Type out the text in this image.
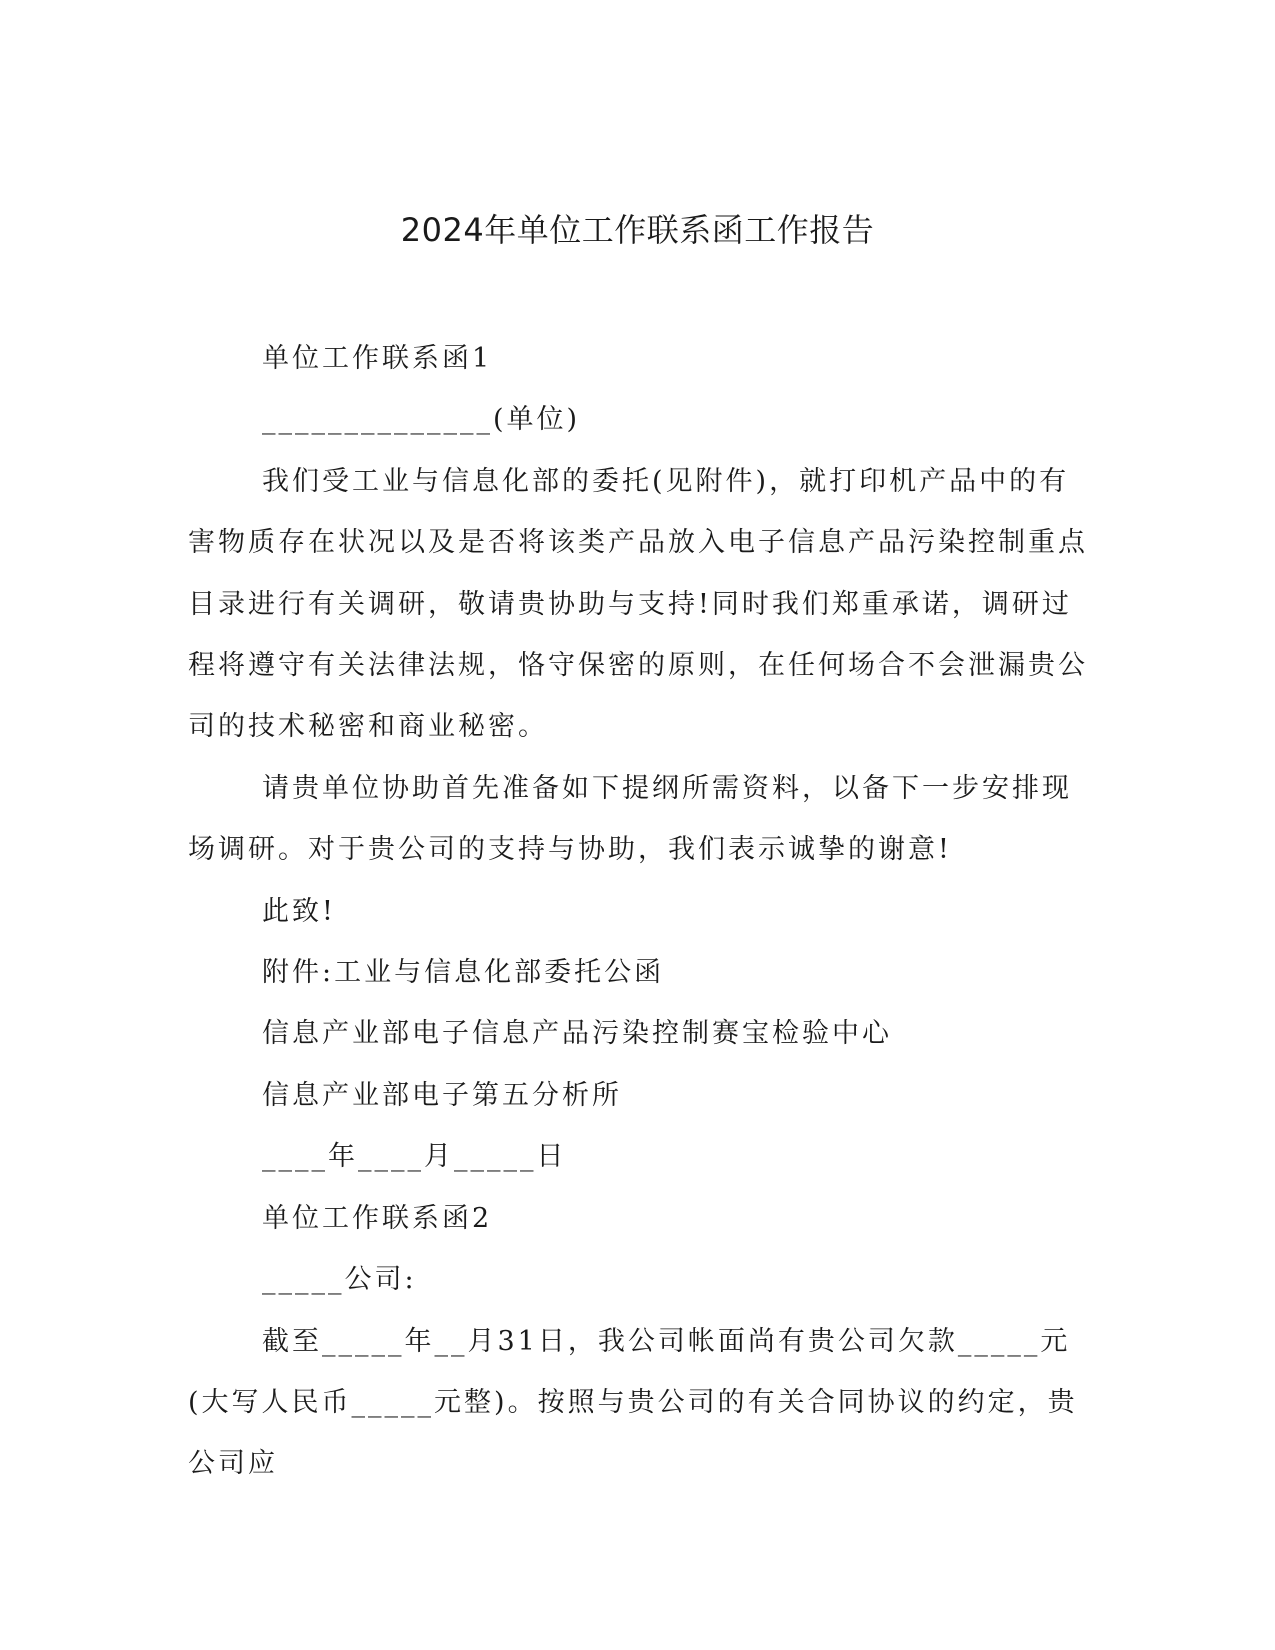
2024年单位工作联系函工作报告

单位工作联系函1

______________(单位)

我们受工业与信息化部的委托(见附件)，就打印机产品中的有害物质存在状况以及是否将该类产品放入电子信息产品污染控制重点目录进行有关调研，敬请贵协助与支持!同时我们郑重承诺，调研过程将遵守有关法律法规，恪守保密的原则，在任何场合不会泄漏贵公司的技术秘密和商业秘密。

请贵单位协助首先准备如下提纲所需资料，以备下一步安排现场调研。对于贵公司的支持与协助，我们表示诚挚的谢意!

此致!

附件:工业与信息化部委托公函

信息产业部电子信息产品污染控制赛宝检验中心

信息产业部电子第五分析所

____年____月_____日

单位工作联系函2

_____公司:

截至_____年__月31日，我公司帐面尚有贵公司欠款_____元(大写人民币_____元整)。按照与贵公司的有关合同协议的约定，贵公司应
